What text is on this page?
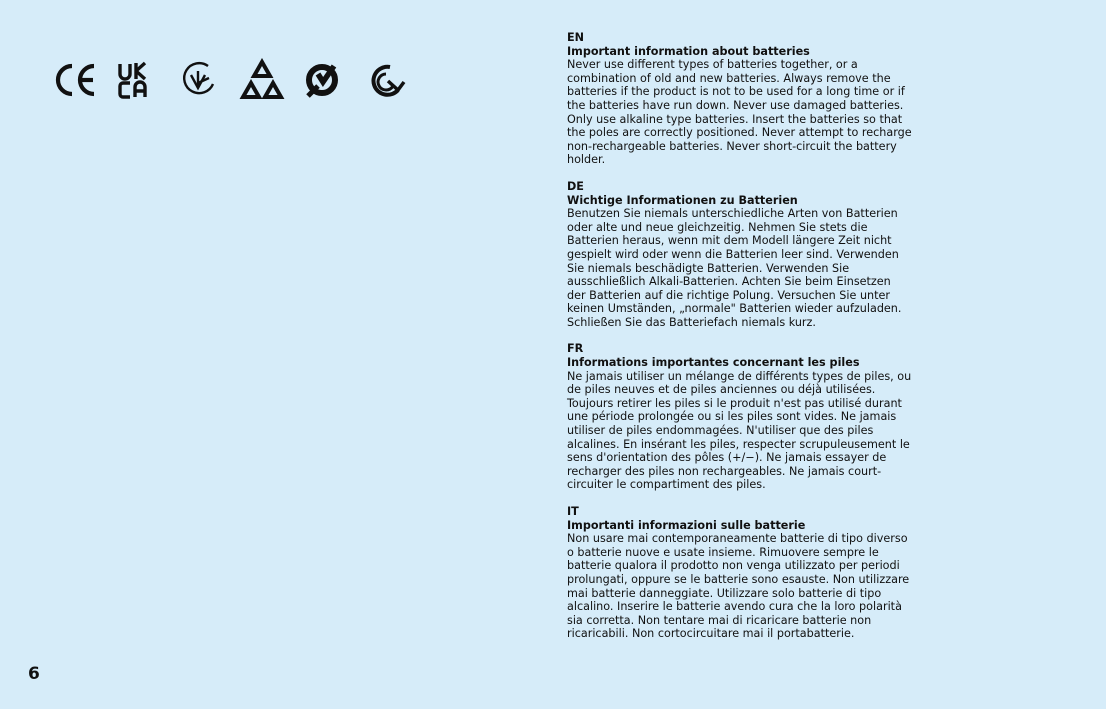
6
EN
Important information about batteries

Never use different types of batteries together, or a combination of old and new batteries. Always remove the batteries if the product is not to be used for a long time or if the batteries have run down. Never use damaged batteries. Only use alkaline type batteries. Insert the batteries so that the poles are correctly positioned. Never attempt to recharge non-rechargeable batteries. Never short-circuit the battery holder.

DE
Wichtige Informationen zu Batterien

Benutzen Sie niemals unterschiedliche Arten von Batterien oder alte und neue gleichzeitig. Nehmen Sie stets die Batterien heraus, wenn mit dem Modell längere Zeit nicht gespielt wird oder wenn die Batterien leer sind. Verwenden Sie niemals beschädigte Batterien. Verwenden Sie ausschließlich Alkali-Batterien. Achten Sie beim Einsetzen der Batterien auf die richtige Polung. Versuchen Sie unter keinen Umständen, „normale" Batterien wieder aufzuladen. Schließen Sie das Batteriefach niemals kurz.

FR
Informations importantes concernant les piles

Ne jamais utiliser un mélange de différents types de piles, ou de piles neuves et de piles anciennes ou déjà utilisées. Toujours retirer les piles si le produit n'est pas utilisé durant une période prolongée ou si les piles sont vides. Ne jamais utiliser de piles endommagées. N'utiliser que des piles alcalines. En insérant les piles, respecter scrupuleusement le sens d'orientation des pôles (+/−). Ne jamais essayer de recharger des piles non rechargeables. Ne jamais court-circuiter le compartiment des piles.

IT
Importanti informazioni sulle batterie

Non usare mai contemporaneamente batterie di tipo diverso o batterie nuove e usate insieme. Rimuovere sempre le batterie qualora il prodotto non venga utilizzato per periodi prolungati, oppure se le batterie sono esauste. Non utilizzare mai batterie danneggiate. Utilizzare solo batterie di tipo alcalino. Inserire le batterie avendo cura che la loro polarità sia corretta. Non tentare mai di ricaricare batterie non ricaricabili. Non cortocircuitare mai il portabatterie.
